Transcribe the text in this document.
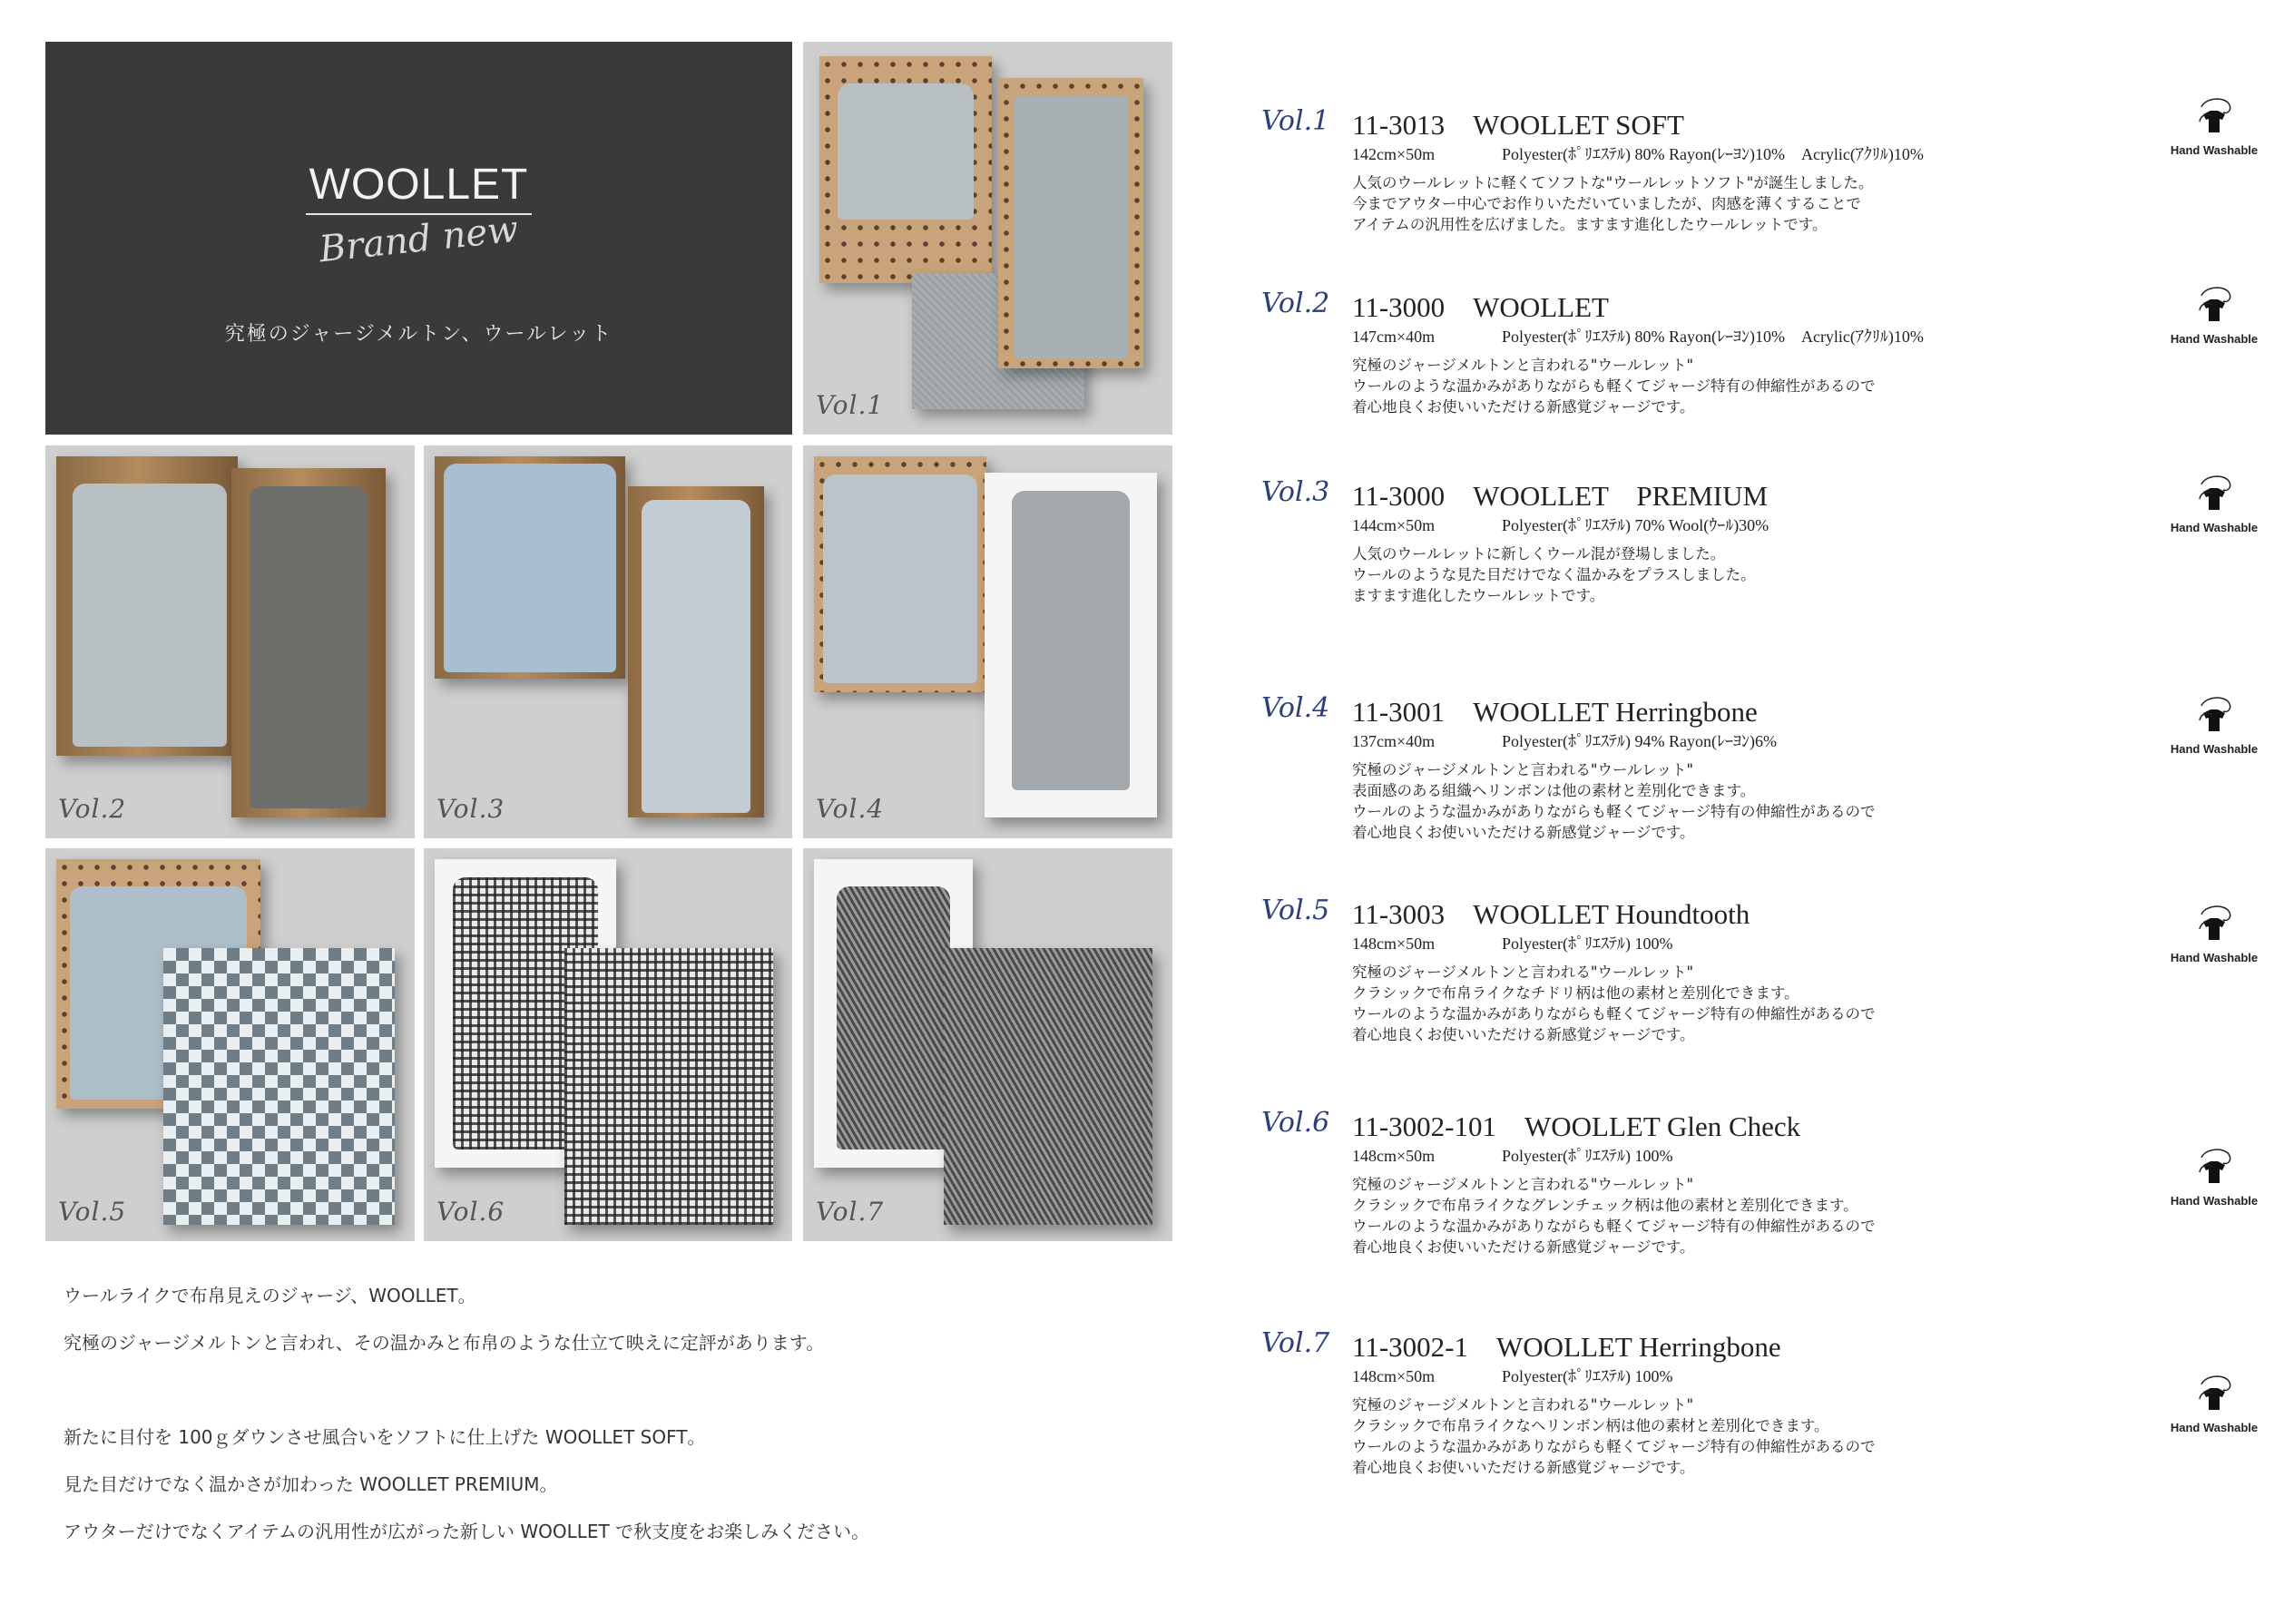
WOOLLET
Brand new
究極のジャージメルトン、ウールレット
Vol.1
Vol.2	Vol.3	Vol.4
Vol.5	Vol.6	Vol.7
ウールライクで布帛見えのジャージ、WOOLLET。
究極のジャージメルトンと言われ、その温かみと布帛のような仕立て映えに定評があります。
新たに目付を 100ｇダウンさせ風合いをソフトに仕上げた WOOLLET SOFT。
見た目だけでなく温かさが加わった WOOLLET PREMIUM。
アウターだけでなくアイテムの汎用性が広がった新しい WOOLLET で秋支度をお楽しみください。
Vol.1 11-3013　WOOLLET SOFT
142cm×50m	Polyester(ﾎﾟﾘｴｽﾃﾙ) 80% Rayon(ﾚｰﾖﾝ)10%　Acrylic(ｱｸﾘﾙ)10%
人気のウールレットに軽くてソフトな"ウールレットソフト"が誕生しました。
今までアウター中心でお作りいただいていましたが、肉感を薄くすることで
アイテムの汎用性を広げました。ますます進化したウールレットです。
Hand Washable
Vol.2 11-3000　WOOLLET
147cm×40m	Polyester(ﾎﾟﾘｴｽﾃﾙ) 80% Rayon(ﾚｰﾖﾝ)10%　Acrylic(ｱｸﾘﾙ)10%
究極のジャージメルトンと言われる"ウールレット"
ウールのような温かみがありながらも軽くてジャージ特有の伸縮性があるので
着心地良くお使いいただける新感覚ジャージです。
Hand Washable
Vol.3 11-3000　WOOLLET　PREMIUM
144cm×50m	Polyester(ﾎﾟﾘｴｽﾃﾙ) 70% Wool(ｳｰﾙ)30%
人気のウールレットに新しくウール混が登場しました。
ウールのような見た目だけでなく温かみをプラスしました。
ますます進化したウールレットです。
Hand Washable
Vol.4 11-3001　WOOLLET Herringbone
137cm×40m	Polyester(ﾎﾟﾘｴｽﾃﾙ) 94% Rayon(ﾚｰﾖﾝ)6%
究極のジャージメルトンと言われる"ウールレット"
表面感のある組織ヘリンボンは他の素材と差別化できます。
ウールのような温かみがありながらも軽くてジャージ特有の伸縮性があるので
着心地良くお使いいただける新感覚ジャージです。
Hand Washable
Vol.5 11-3003　WOOLLET Houndtooth
148cm×50m	Polyester(ﾎﾟﾘｴｽﾃﾙ) 100%
究極のジャージメルトンと言われる"ウールレット"
クラシックで布帛ライクなチドリ柄は他の素材と差別化できます。
ウールのような温かみがありながらも軽くてジャージ特有の伸縮性があるので
着心地良くお使いいただける新感覚ジャージです。
Hand Washable
Vol.6 11-3002-101　WOOLLET Glen Check
148cm×50m	Polyester(ﾎﾟﾘｴｽﾃﾙ) 100%
究極のジャージメルトンと言われる"ウールレット"
クラシックで布帛ライクなグレンチェック柄は他の素材と差別化できます。
ウールのような温かみがありながらも軽くてジャージ特有の伸縮性があるので
着心地良くお使いいただける新感覚ジャージです。
Hand Washable
Vol.7 11-3002-1　WOOLLET Herringbone
148cm×50m	Polyester(ﾎﾟﾘｴｽﾃﾙ) 100%
究極のジャージメルトンと言われる"ウールレット"
クラシックで布帛ライクなヘリンボン柄は他の素材と差別化できます。
ウールのような温かみがありながらも軽くてジャージ特有の伸縮性があるので
着心地良くお使いいただける新感覚ジャージです。
Hand Washable
